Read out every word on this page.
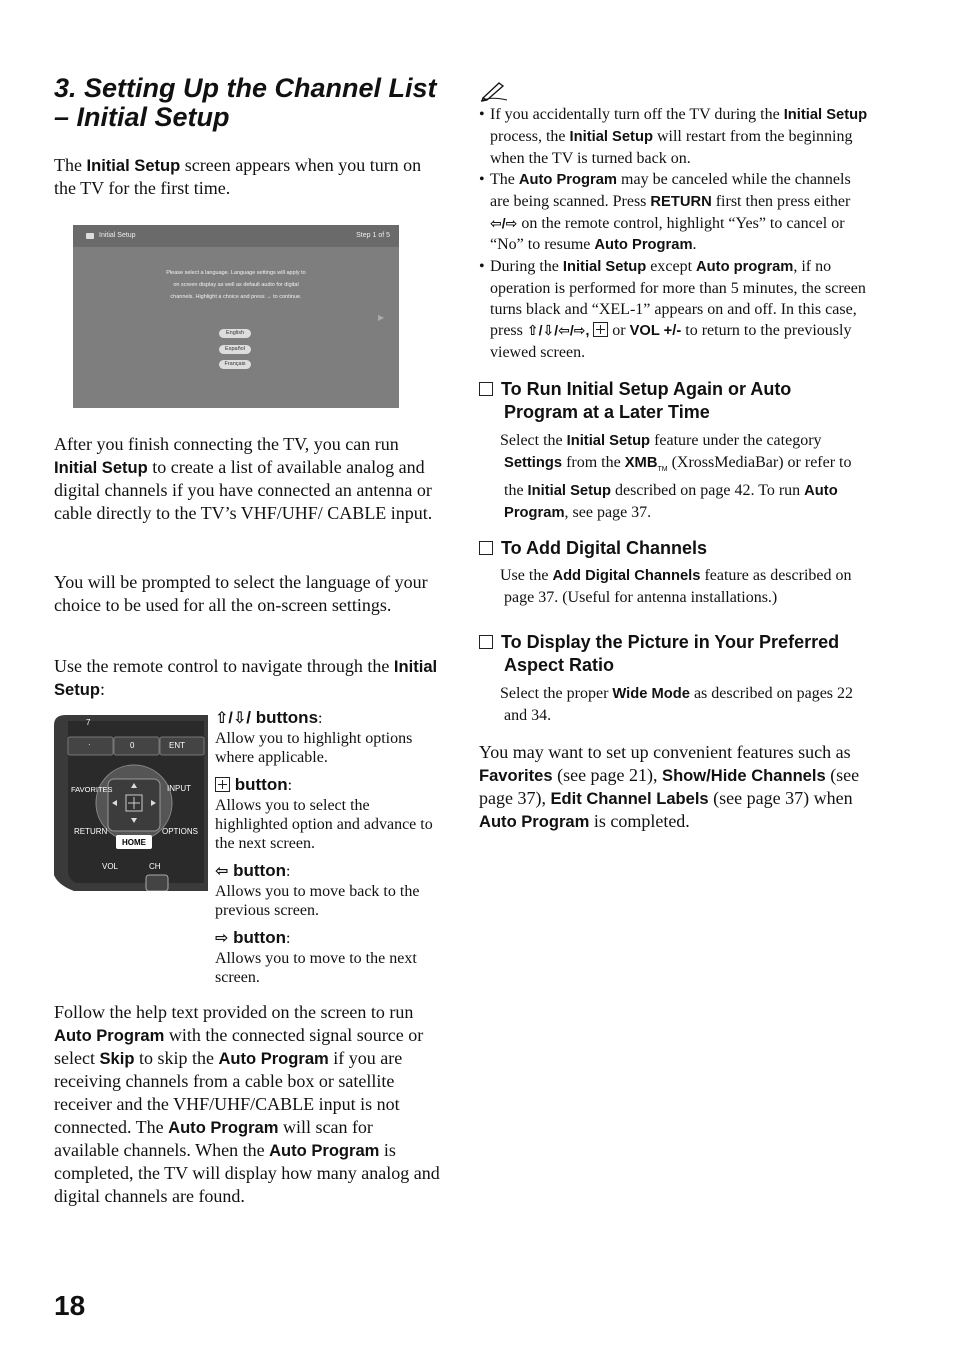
3. Setting Up the Channel List
– Initial Setup

The Initial Setup screen appears when you turn on the TV for the first time.

Initial Setup	Step 1 of 5
Please select a language. Language settings will apply to
on screen display as well as default audio for digital
channels. Highlight a choice and press → to continue.
English
Español
Français
▶

After you finish connecting the TV, you can run Initial Setup to create a list of available analog and digital channels if you have connected an antenna or cable directly to the TV’s VHF/UHF/ CABLE input.

You will be prompted to select the language of your choice to be used for all the on-screen settings.

Use the remote control to navigate through the Initial Setup:

7
·	0	ENT
FAVORITES	INPUT
RETURN	OPTIONS
HOME
VOL	CH
⇧/⇩/ buttons:
Allow you to highlight options where applicable.
button:
Allows you to select the highlighted option and advance to the next screen.
⇦ button:
Allows you to move back to the previous screen.
⇨ button:
Allows you to move to the next screen.

Follow the help text provided on the screen to run Auto Program with the connected signal source or select Skip to skip the Auto Program if you are receiving channels from a cable box or satellite receiver and the VHF/UHF/CABLE input is not connected. The Auto Program will scan for available channels. When the Auto Program is completed, the TV will display how many analog and digital channels are found.

18
• If you accidentally turn off the TV during the Initial Setup process, the Initial Setup will restart from the beginning when the TV is turned back on.
• The Auto Program may be canceled while the channels are being scanned. Press RETURN first then press either ⇦/⇨ on the remote control, highlight “Yes” to cancel or “No” to resume Auto Program.
• During the Initial Setup except Auto program, if no operation is performed for more than 5 minutes, the screen turns black and “XEL-1” appears on and off. In this case, press ⇧/⇩/⇦/⇨,  or VOL +/- to return to the previously viewed screen.
To Run Initial Setup Again or Auto
Program at a Later Time

Select the Initial Setup feature under the category Settings from the $XMB_{TM}$ (XrossMediaBar) or refer to the Initial Setup described on page 42. To run Auto Program, see page 37.

To Add Digital Channels

Use the Add Digital Channels feature as described on page 37. (Useful for antenna installations.)

To Display the Picture in Your Preferred
Aspect Ratio

Select the proper Wide Mode as described on pages 22 and 34.

You may want to set up convenient features such as Favorites (see page 21), Show/Hide Channels (see page 37), Edit Channel Labels (see page 37) when Auto Program is completed.
